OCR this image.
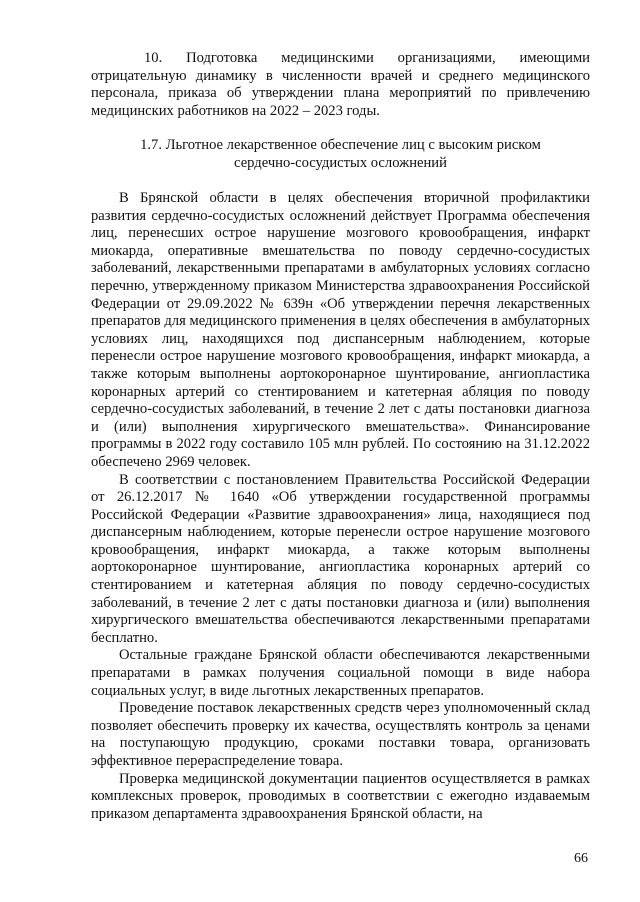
10. Подготовка медицинскими организациями, имеющими отрицательную динамику в численности врачей и среднего медицинского персонала, приказа об утверждении плана мероприятий по привлечению медицинских работников на 2022 – 2023 годы.

1.7. Льготное лекарственное обеспечение лиц с высоким риском
сердечно-сосудистых осложнений

В Брянской области в целях обеспечения вторичной профилактики развития сердечно-сосудистых осложнений действует Программа обеспечения лиц, перенесших острое нарушение мозгового кровообращения, инфаркт миокарда, оперативные вмешательства по поводу сердечно-сосудистых заболеваний, лекарственными препаратами в амбулаторных условиях согласно перечню, утвержденному приказом Министерства здравоохранения Российской Федерации от 29.09.2022 № 639н «Об утверждении перечня лекарственных препаратов для медицинского применения в целях обеспечения в амбулаторных условиях лиц, находящихся под диспансерным наблюдением, которые перенесли острое нарушение мозгового кровообращения, инфаркт миокарда, а также которым выполнены аортокоронарное шунтирование, ангиопластика коронарных артерий со стентированием и катетерная абляция по поводу сердечно-сосудистых заболеваний, в течение 2 лет с даты постановки диагноза и (или) выполнения хирургического вмешательства». Финансирование программы в 2022 году составило 105 млн рублей. По состоянию на 31.12.2022 обеспечено 2969 человек.

В соответствии с постановлением Правительства Российской Федерации от 26.12.2017 № 1640 «Об утверждении государственной программы Российской Федерации «Развитие здравоохранения» лица, находящиеся под диспансерным наблюдением, которые перенесли острое нарушение мозгового кровообращения, инфаркт миокарда, а также которым выполнены аортокоронарное шунтирование, ангиопластика коронарных артерий со стентированием и катетерная абляция по поводу сердечно-сосудистых заболеваний, в течение 2 лет с даты постановки диагноза и (или) выполнения хирургического вмешательства обеспечиваются лекарственными препаратами бесплатно.

Остальные граждане Брянской области обеспечиваются лекарственными препаратами в рамках получения социальной помощи в виде набора социальных услуг, в виде льготных лекарственных препаратов.

Проведение поставок лекарственных средств через уполномоченный склад позволяет обеспечить проверку их качества, осуществлять контроль за ценами на поступающую продукцию, сроками поставки товара, организовать эффективное перераспределение товара.

Проверка медицинской документации пациентов осуществляется в рамках комплексных проверок, проводимых в соответствии с ежегодно издаваемым приказом департамента здравоохранения Брянской области, на

66
